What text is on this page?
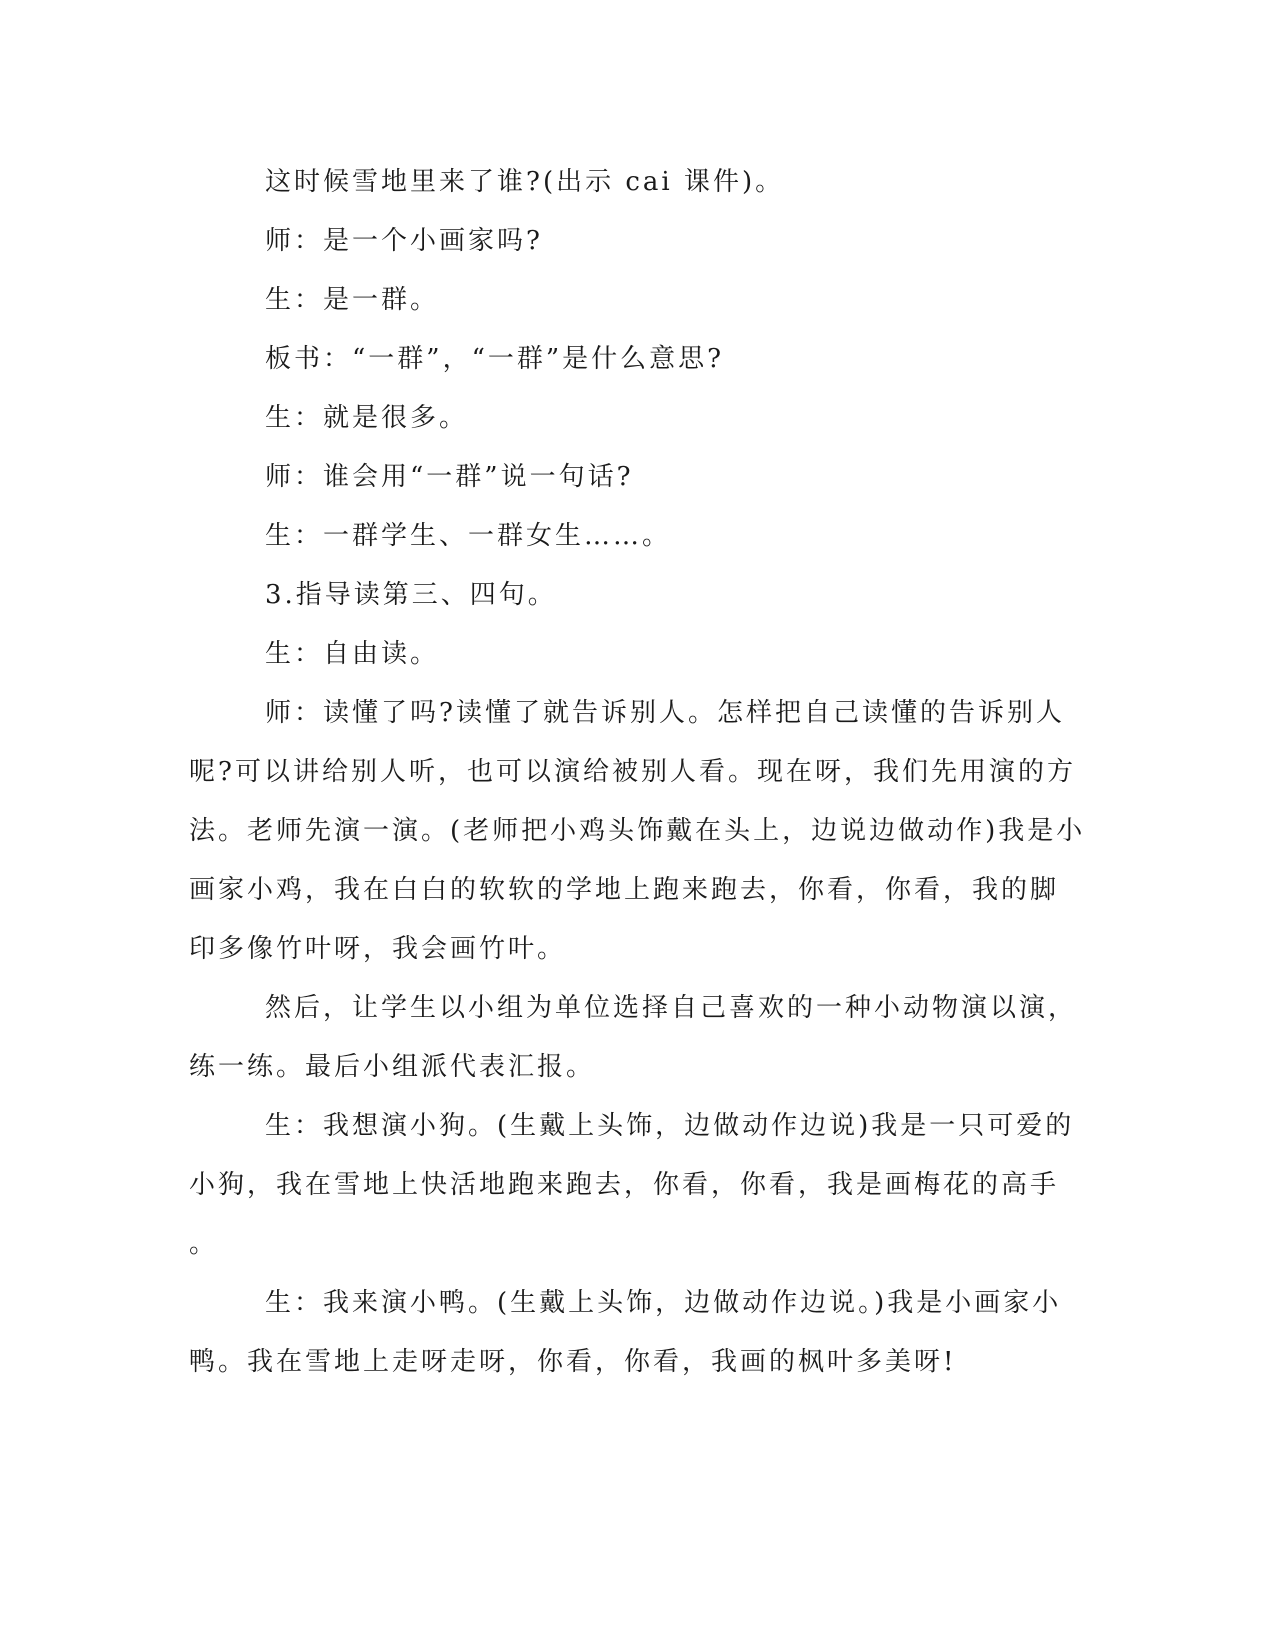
这时候雪地里来了谁?(出示 cai 课件)。
师：是一个小画家吗?
生：是一群。
板书：“一群”，“一群”是什么意思?
生：就是很多。
师：谁会用“一群”说一句话?
生：一群学生、一群女生……。
3.指导读第三、四句。
生：自由读。
师：读懂了吗?读懂了就告诉别人。怎样把自己读懂的告诉别人
呢?可以讲给别人听，也可以演给被别人看。现在呀，我们先用演的方
法。老师先演一演。(老师把小鸡头饰戴在头上，边说边做动作)我是小
画家小鸡，我在白白的软软的学地上跑来跑去，你看，你看，我的脚
印多像竹叶呀，我会画竹叶。
然后，让学生以小组为单位选择自己喜欢的一种小动物演以演，
练一练。最后小组派代表汇报。
生：我想演小狗。(生戴上头饰，边做动作边说)我是一只可爱的
小狗，我在雪地上快活地跑来跑去，你看，你看，我是画梅花的高手
。
生：我来演小鸭。(生戴上头饰，边做动作边说。)我是小画家小
鸭。我在雪地上走呀走呀，你看，你看，我画的枫叶多美呀!
